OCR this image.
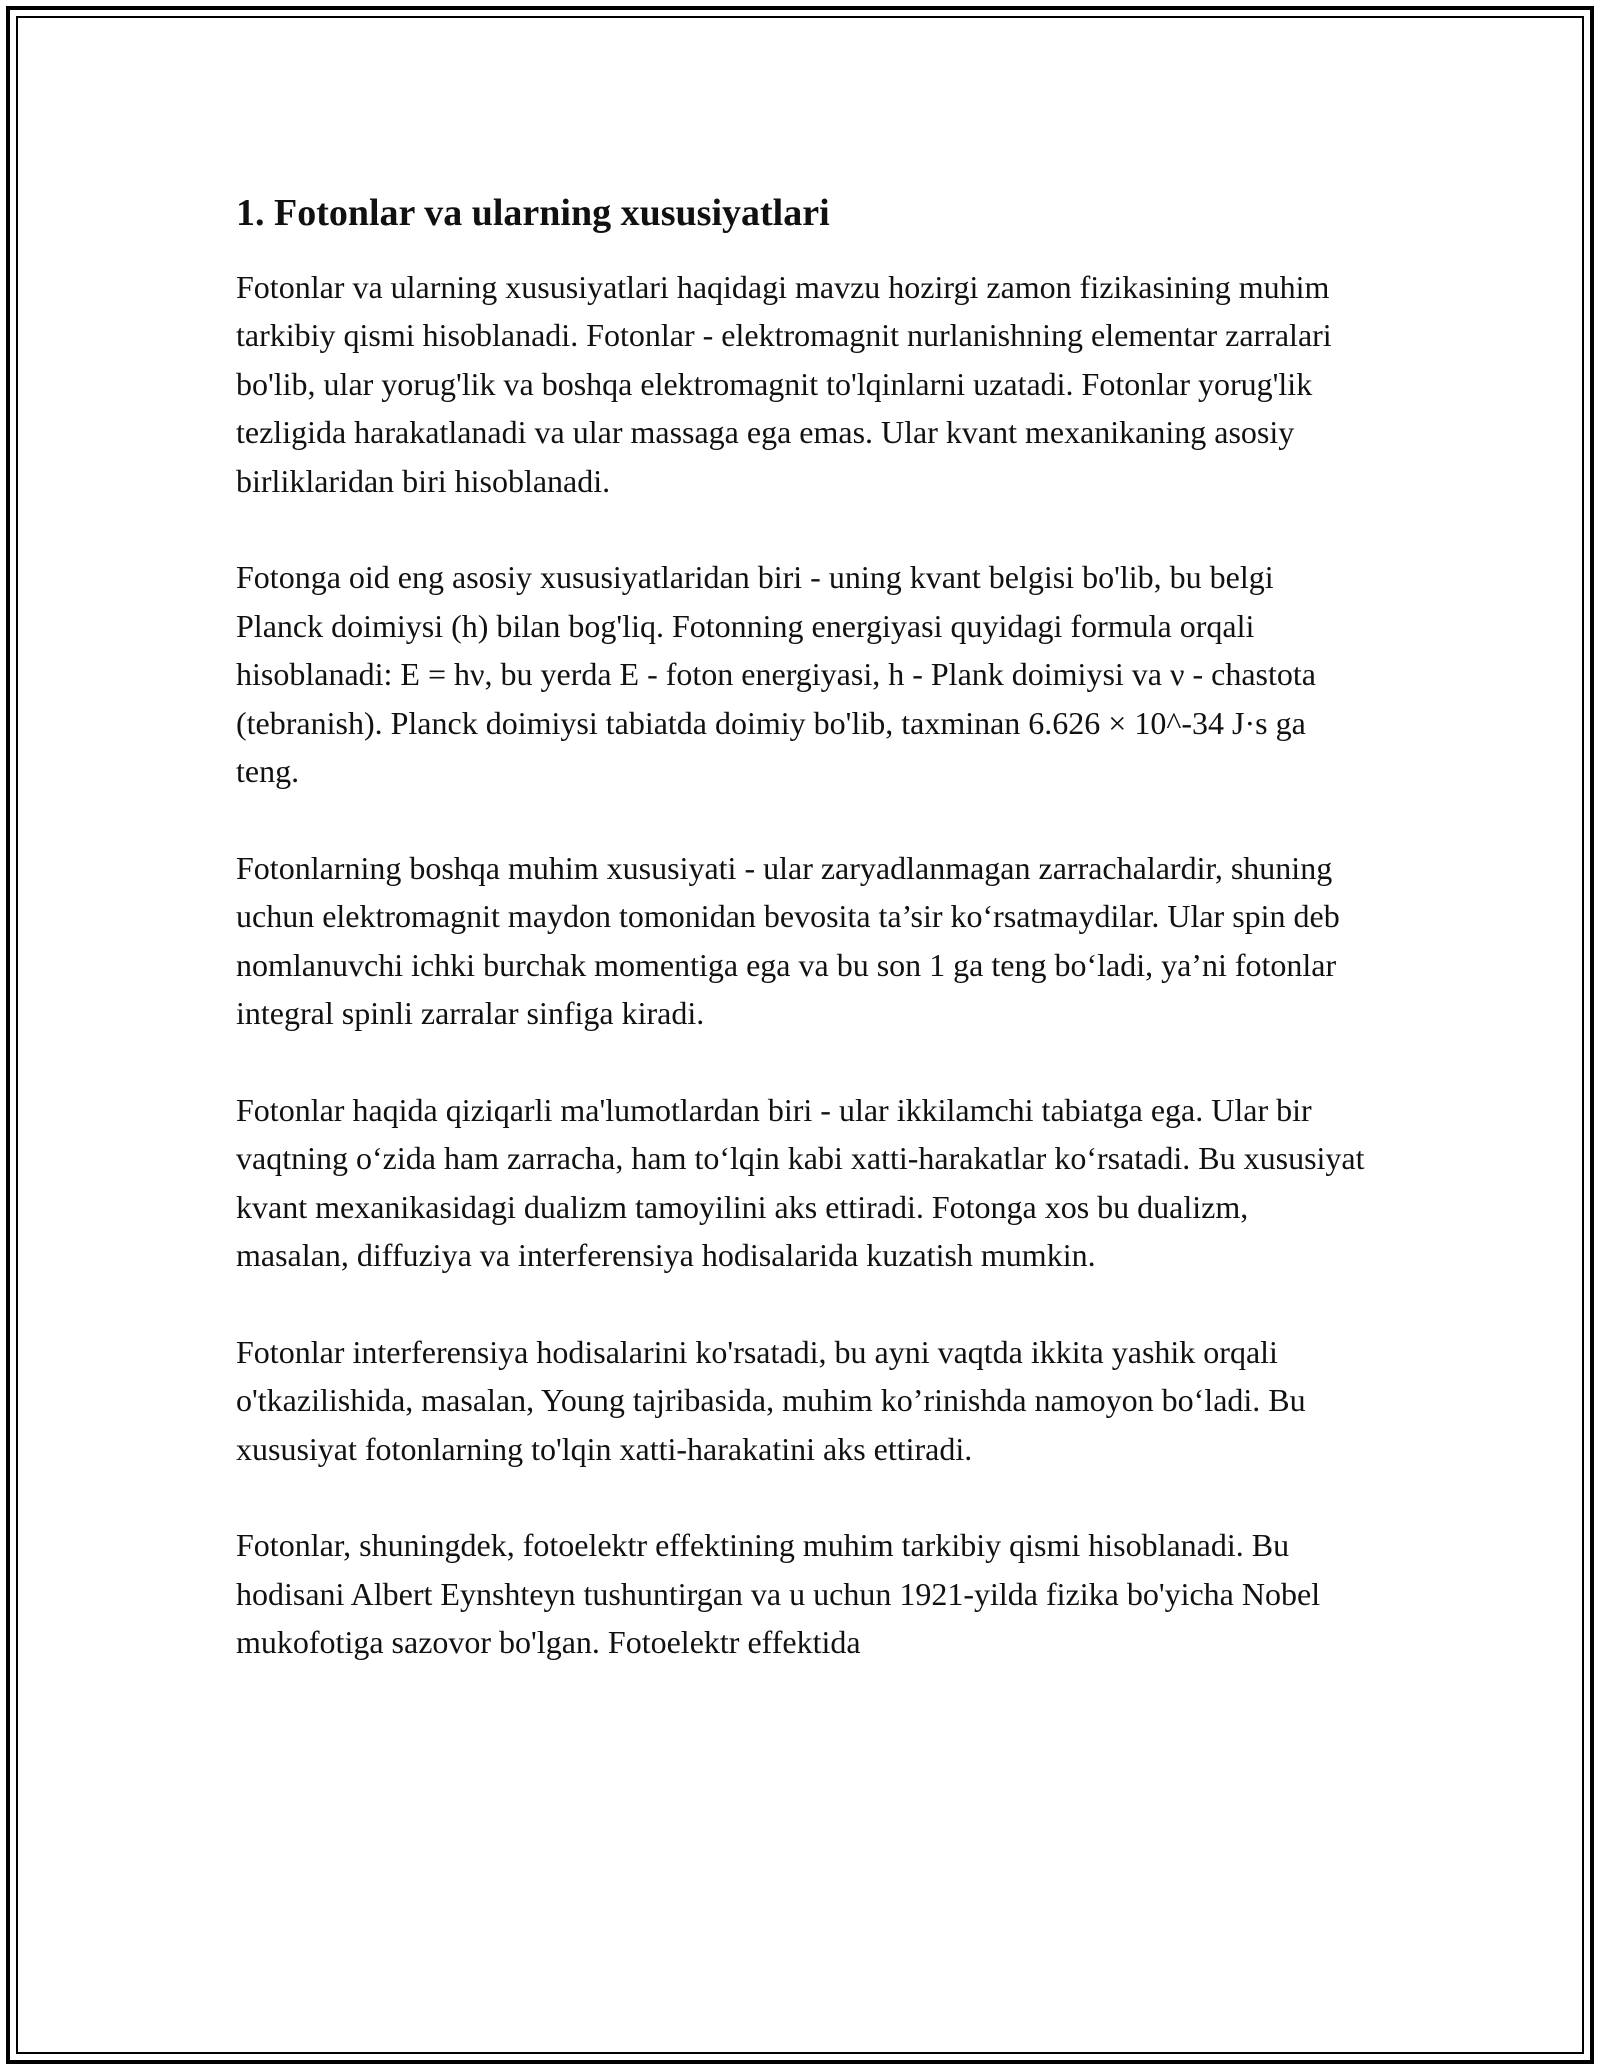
1. Fotonlar va ularning xususiyatlari

Fotonlar va ularning xususiyatlari haqidagi mavzu hozirgi zamon fizikasining muhim tarkibiy qismi hisoblanadi. Fotonlar - elektromagnit nurlanishning elementar zarralari bo'lib, ular yorug'lik va boshqa elektromagnit to'lqinlarni uzatadi. Fotonlar yorug'lik tezligida harakatlanadi va ular massaga ega emas. Ular kvant mexanikaning asosiy birliklaridan biri hisoblanadi.

Fotonga oid eng asosiy xususiyatlaridan biri - uning kvant belgisi bo'lib, bu belgi Planck doimiysi (h) bilan bog'liq. Fotonning energiyasi quyidagi formula orqali hisoblanadi: E = hν, bu yerda E - foton energiyasi, h - Plank doimiysi va ν - chastota (tebranish). Planck doimiysi tabiatda doimiy bo'lib, taxminan 6.626 × 10^-34 J·s ga teng.

Fotonlarning boshqa muhim xususiyati - ular zaryadlanmagan zarrachalardir, shuning uchun elektromagnit maydon tomonidan bevosita ta’sir ko‘rsatmaydilar. Ular spin deb nomlanuvchi ichki burchak momentiga ega va bu son 1 ga teng bo‘ladi, ya’ni fotonlar integral spinli zarralar sinfiga kiradi.

Fotonlar haqida qiziqarli ma'lumotlardan biri - ular ikkilamchi tabiatga ega. Ular bir vaqtning o‘zida ham zarracha, ham to‘lqin kabi xatti-harakatlar ko‘rsatadi. Bu xususiyat kvant mexanikasidagi dualizm tamoyilini aks ettiradi. Fotonga xos bu dualizm, masalan, diffuziya va interferensiya hodisalarida kuzatish mumkin.

Fotonlar interferensiya hodisalarini ko'rsatadi, bu ayni vaqtda ikkita yashik orqali o'tkazilishida, masalan, Young tajribasida, muhim ko’rinishda namoyon bo‘ladi. Bu xususiyat fotonlarning to'lqin xatti-harakatini aks ettiradi.

Fotonlar, shuningdek, fotoelektr effektining muhim tarkibiy qismi hisoblanadi. Bu hodisani Albert Eynshteyn tushuntirgan va u uchun 1921-yilda fizika bo'yicha Nobel mukofotiga sazovor bo'lgan. Fotoelektr effektida
